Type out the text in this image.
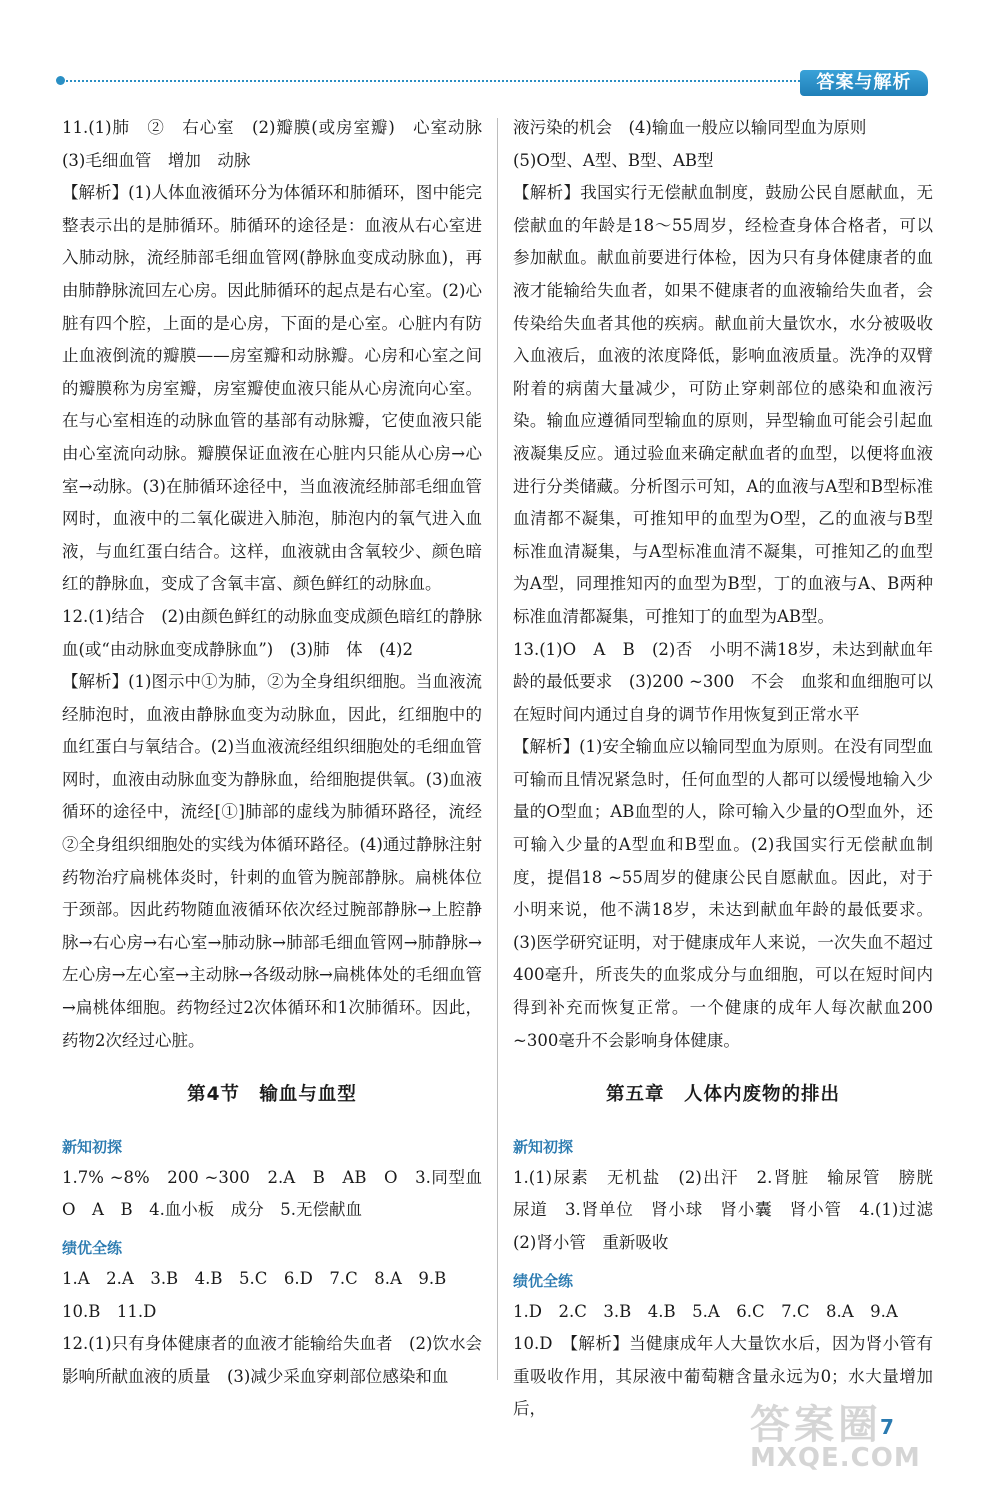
答案与解析

11.(1)肺　②　右心室　(2)瓣膜(或房室瓣)　心室动脉　(3)毛细血管　增加　动脉

【解析】(1)人体血液循环分为体循环和肺循环，图中能完整表示出的是肺循环。肺循环的途径是：血液从右心室进入肺动脉，流经肺部毛细血管网(静脉血变成动脉血)，再由肺静脉流回左心房。因此肺循环的起点是右心室。(2)心脏有四个腔，上面的是心房，下面的是心室。心脏内有防止血液倒流的瓣膜——房室瓣和动脉瓣。心房和心室之间的瓣膜称为房室瓣，房室瓣使血液只能从心房流向心室。在与心室相连的动脉血管的基部有动脉瓣，它使血液只能由心室流向动脉。瓣膜保证血液在心脏内只能从心房→心室→动脉。(3)在肺循环途径中，当血液流经肺部毛细血管网时，血液中的二氧化碳进入肺泡，肺泡内的氧气进入血液，与血红蛋白结合。这样，血液就由含氧较少、颜色暗红的静脉血，变成了含氧丰富、颜色鲜红的动脉血。

12.(1)结合　(2)由颜色鲜红的动脉血变成颜色暗红的静脉血(或“由动脉血变成静脉血”)　(3)肺　体　(4)2

【解析】(1)图示中①为肺，②为全身组织细胞。当血液流经肺泡时，血液由静脉血变为动脉血，因此，红细胞中的血红蛋白与氧结合。(2)当血液流经组织细胞处的毛细血管网时，血液由动脉血变为静脉血，给细胞提供氧。(3)血液循环的途径中，流经[①]肺部的虚线为肺循环路径，流经②全身组织细胞处的实线为体循环路径。(4)通过静脉注射药物治疗扁桃体炎时，针刺的血管为腕部静脉。扁桃体位于颈部。因此药物随血液循环依次经过腕部静脉→上腔静脉→右心房→右心室→肺动脉→肺部毛细血管网→肺静脉→左心房→左心室→主动脉→各级动脉→扁桃体处的毛细血管→扁桃体细胞。药物经过2次体循环和1次肺循环。因此，药物2次经过心脏。

第4节　输血与血型
新知初探

1.7% ~8%　200 ~300　2.A　B　AB　O　3.同型血　O　A　B　4.血小板　成分　5.无偿献血

绩优全练

1.A　2.A　3.B　4.B　5.C　6.D　7.C　8.A　9.B

10.B　11.D

12.(1)只有身体健康者的血液才能输给失血者　(2)饮水会影响所献血液的质量　(3)减少采血穿刺部位感染和血

液污染的机会　(4)输血一般应以输同型血为原则

(5)O型、A型、B型、AB型

【解析】我国实行无偿献血制度，鼓励公民自愿献血，无偿献血的年龄是18～55周岁，经检查身体合格者，可以参加献血。献血前要进行体检，因为只有身体健康者的血液才能输给失血者，如果不健康者的血液输给失血者，会传染给失血者其他的疾病。献血前大量饮水，水分被吸收入血液后，血液的浓度降低，影响血液质量。洗净的双臂附着的病菌大量减少，可防止穿刺部位的感染和血液污染。输血应遵循同型输血的原则，异型输血可能会引起血液凝集反应。通过验血来确定献血者的血型，以便将血液进行分类储藏。分析图示可知，A的血液与A型和B型标准血清都不凝集，可推知甲的血型为O型，乙的血液与B型标准血清凝集，与A型标准血清不凝集，可推知乙的血型为A型，同理推知丙的血型为B型，丁的血液与A、B两种标准血清都凝集，可推知丁的血型为AB型。

13.(1)O　A　B　(2)否　小明不满18岁，未达到献血年龄的最低要求　(3)200 ~300　不会　血浆和血细胞可以在短时间内通过自身的调节作用恢复到正常水平

【解析】(1)安全输血应以输同型血为原则。在没有同型血可输而且情况紧急时，任何血型的人都可以缓慢地输入少量的O型血；AB血型的人，除可输入少量的O型血外，还可输入少量的A型血和B型血。(2)我国实行无偿献血制度，提倡18 ~55周岁的健康公民自愿献血。因此，对于小明来说，他不满18岁，未达到献血年龄的最低要求。(3)医学研究证明，对于健康成年人来说，一次失血不超过400毫升，所丧失的血浆成分与血细胞，可以在短时间内得到补充而恢复正常。一个健康的成年人每次献血200 ~300毫升不会影响身体健康。

第五章　人体内废物的排出
新知初探

1.(1)尿素　无机盐　(2)出汗　2.肾脏　输尿管　膀胱　尿道　3.肾单位　肾小球　肾小囊　肾小管　4.(1)过滤　(2)肾小管　重新吸收

绩优全练

1.D　2.C　3.B　4.B　5.A　6.C　7.C　8.A　9.A

10.D　【解析】当健康成年人大量饮水后，因为肾小管有重吸收作用，其尿液中葡萄糖含量永远为0；水大量增加后，

7
答案圈
MXQE.COM
